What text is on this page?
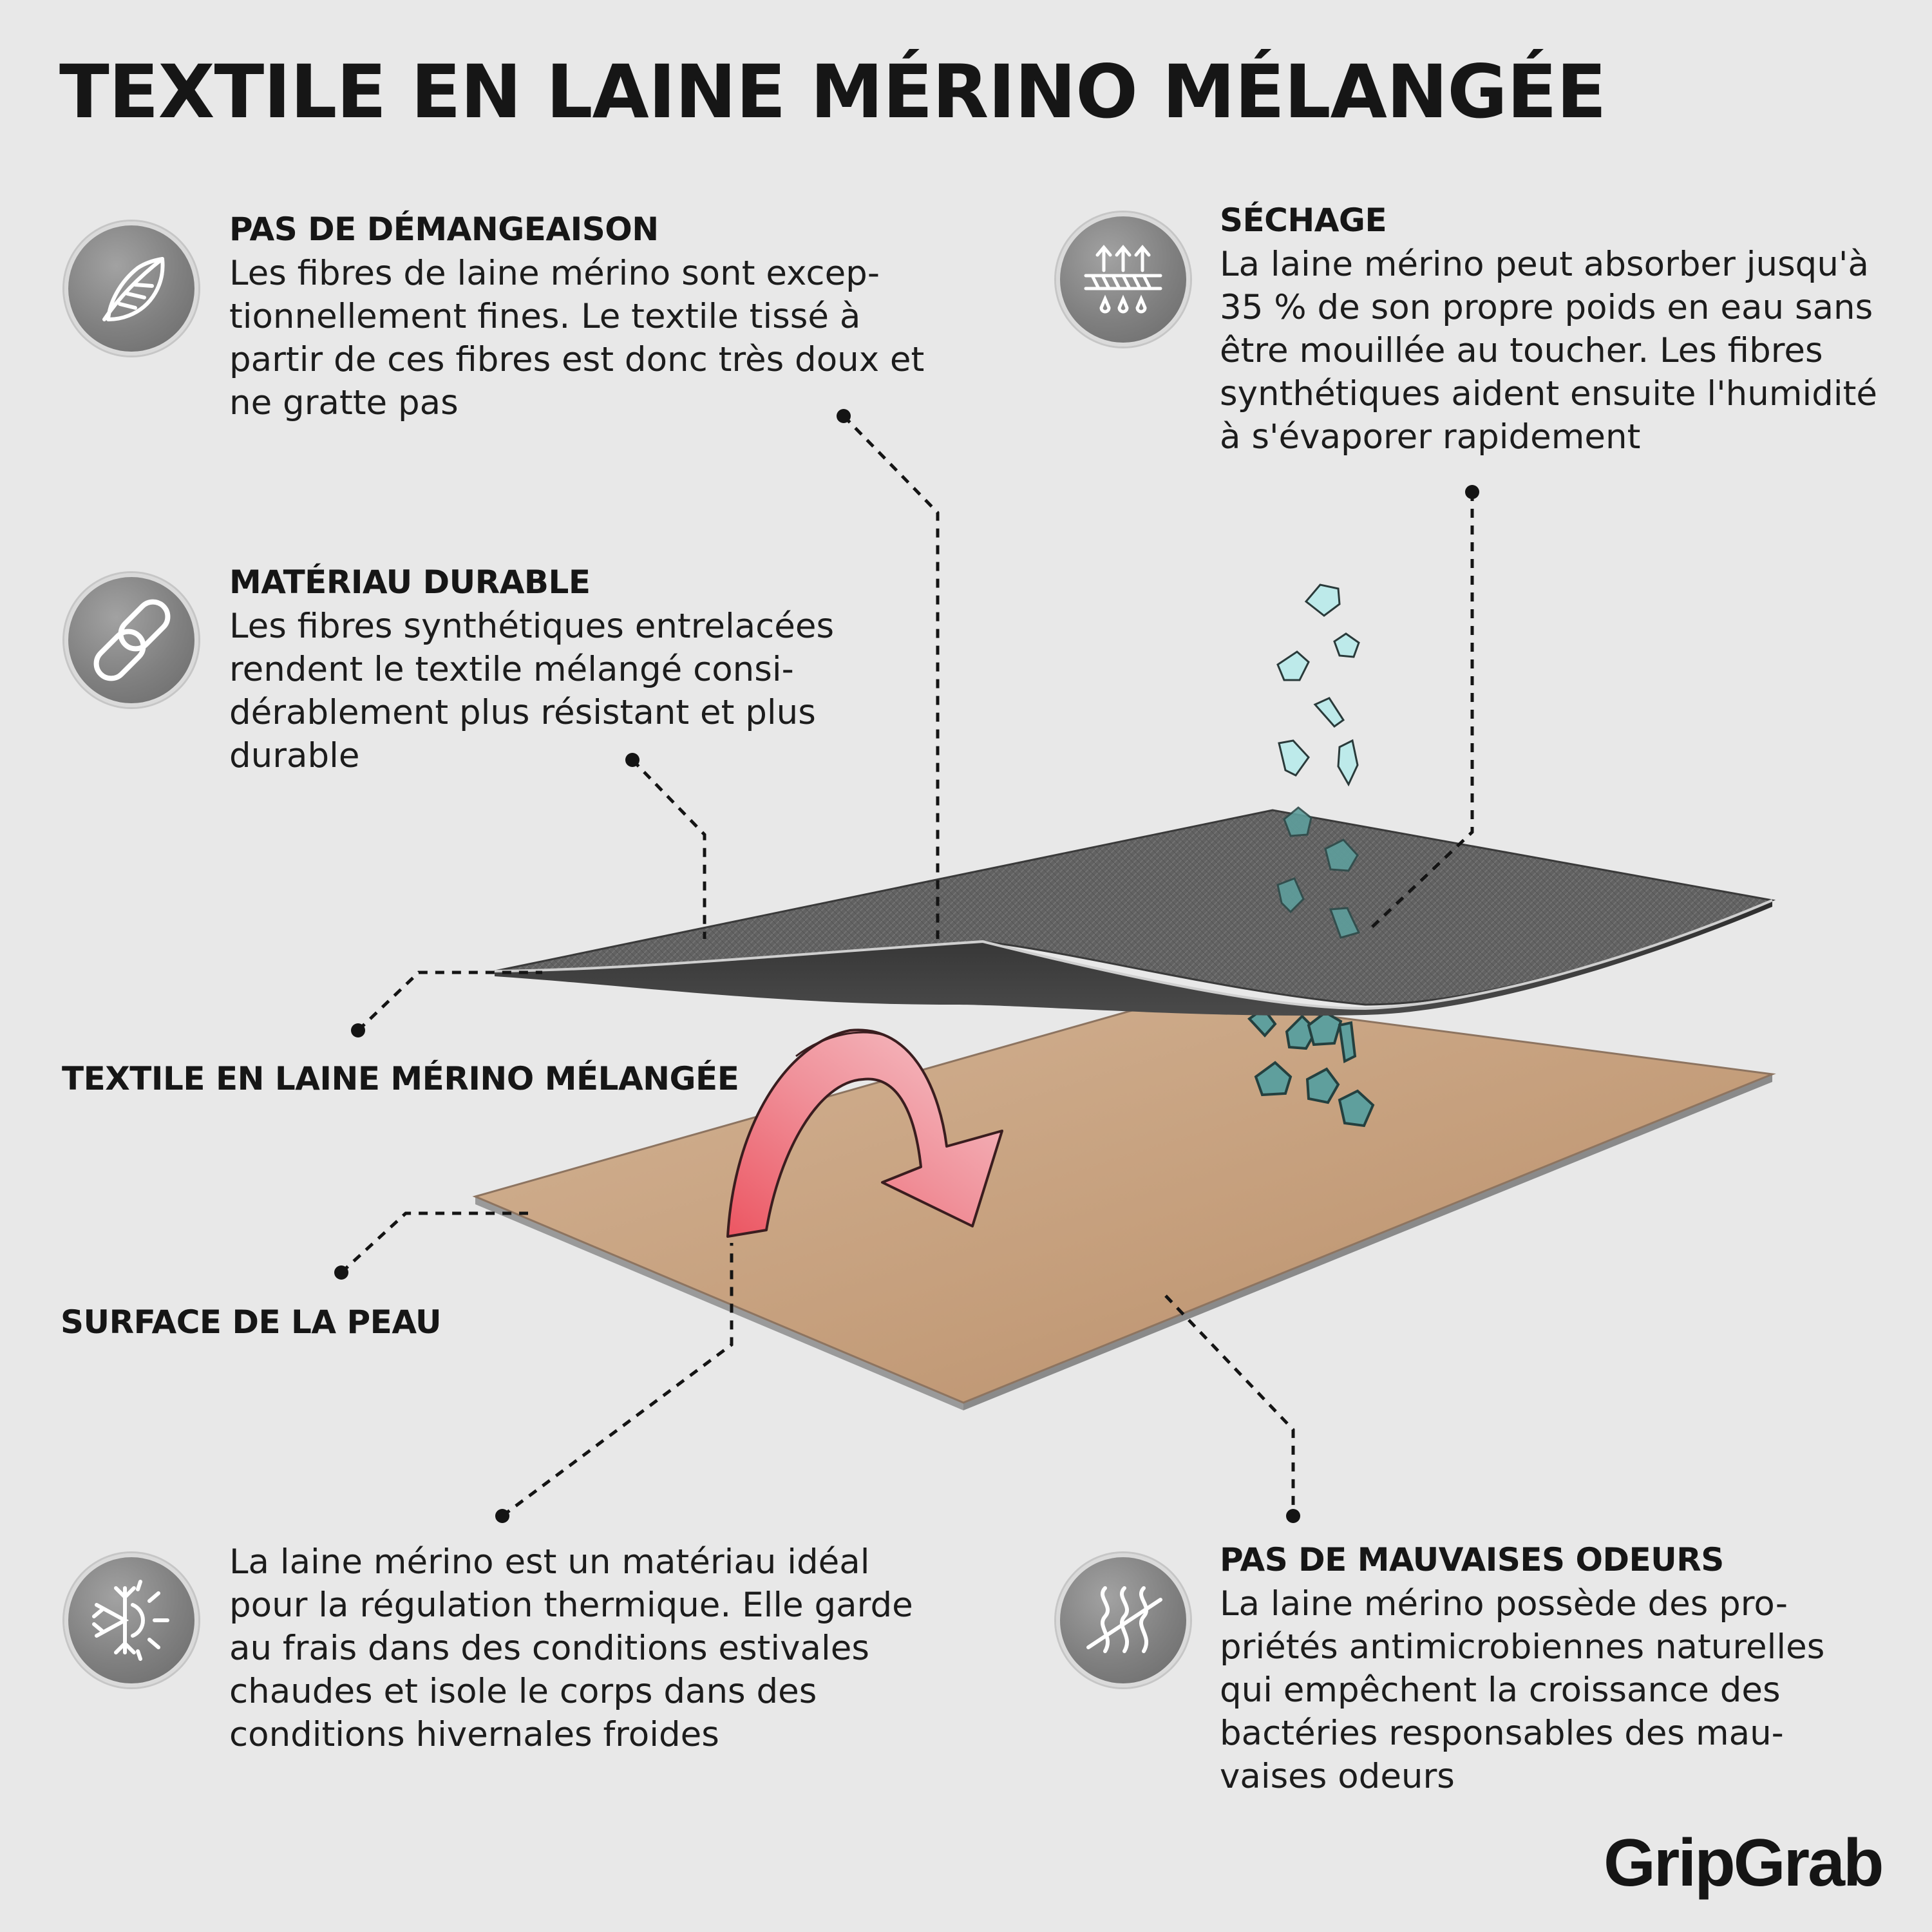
TEXTILE EN LAINE MÉRINO MÉLANGÉE
PAS DE DÉMANGEAISON

Les fibres de laine mérino sont excep-
tionnellement fines. Le textile tissé à
partir de ces fibres est donc très doux et
ne gratte pas

MATÉRIAU DURABLE

Les fibres synthétiques entrelacées
rendent le textile mélangé consi-
dérablement plus résistant et plus
durable

SÉCHAGE

La laine mérino peut absorber jusqu'à
35 % de son propre poids en eau sans
être mouillée au toucher. Les fibres
synthétiques aident ensuite l'humidité
à s'évaporer rapidement

La laine mérino est un matériau idéal
pour la régulation thermique. Elle garde
au frais dans des conditions estivales
chaudes et isole le corps dans des
conditions hivernales froides

PAS DE MAUVAISES ODEURS

La laine mérino possède des pro-
priétés antimicrobiennes naturelles
qui empêchent la croissance des
bactéries responsables des mau-
vaises odeurs

TEXTILE EN LAINE MÉRINO MÉLANGÉE
SURFACE DE LA PEAU
GripGrab
